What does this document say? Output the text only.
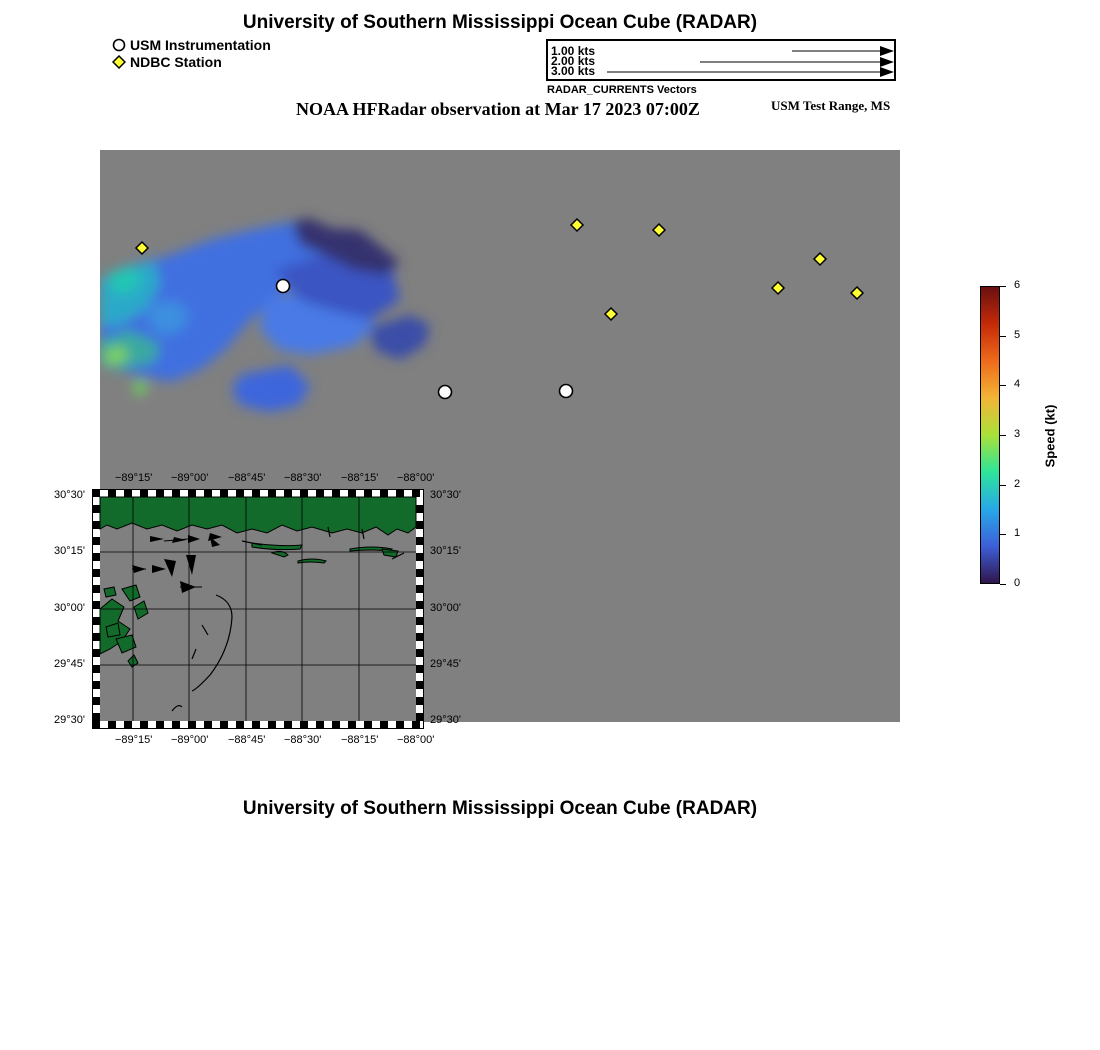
University of Southern Mississippi Ocean Cube (RADAR)
USM Instrumentation
NDBC Station
1.00 kts
2.00 kts
3.00 kts
RADAR_CURRENTS Vectors
NOAA HFRadar observation at Mar 17 2023 07:00Z	USM Test Range, MS
−89°15'
−89°15'
−89°00'
−89°00'
−88°45'
−88°45'
−88°30'
−88°30'
−88°15'
−88°15'
−88°00'
−88°00'
30°30'	30°30'
30°15'	30°15'
30°00'	30°00'
29°45'	29°45'
29°30'	29°30'
6
5
4
3
2
1
0
Speed (kt)
University of Southern Mississippi Ocean Cube (RADAR)
